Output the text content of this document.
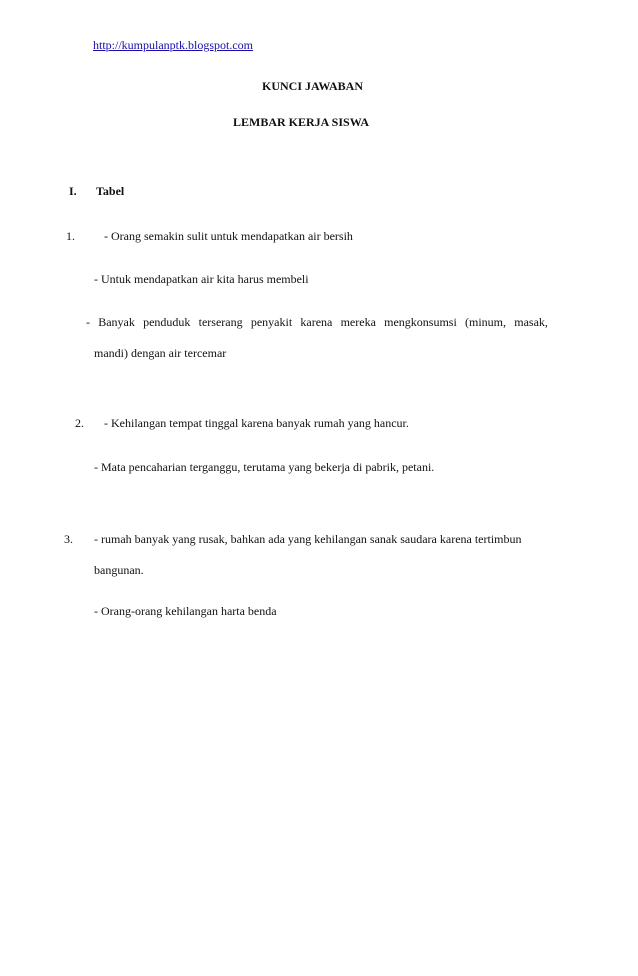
http://kumpulanptk.blogspot.com
KUNCI JAWABAN
LEMBAR KERJA SISWA
I. Tabel
1. - Orang semakin sulit untuk mendapatkan air bersih
- Untuk mendapatkan air kita harus membeli
- Banyak penduduk terserang penyakit karena mereka mengkonsumsi (minum, masak,
mandi) dengan air tercemar
2. - Kehilangan tempat tinggal karena banyak rumah yang hancur.
- Mata pencaharian terganggu, terutama yang bekerja di pabrik, petani.
3. - rumah banyak yang rusak, bahkan ada yang kehilangan sanak saudara karena tertimbun
bangunan.
- Orang-orang kehilangan harta benda
